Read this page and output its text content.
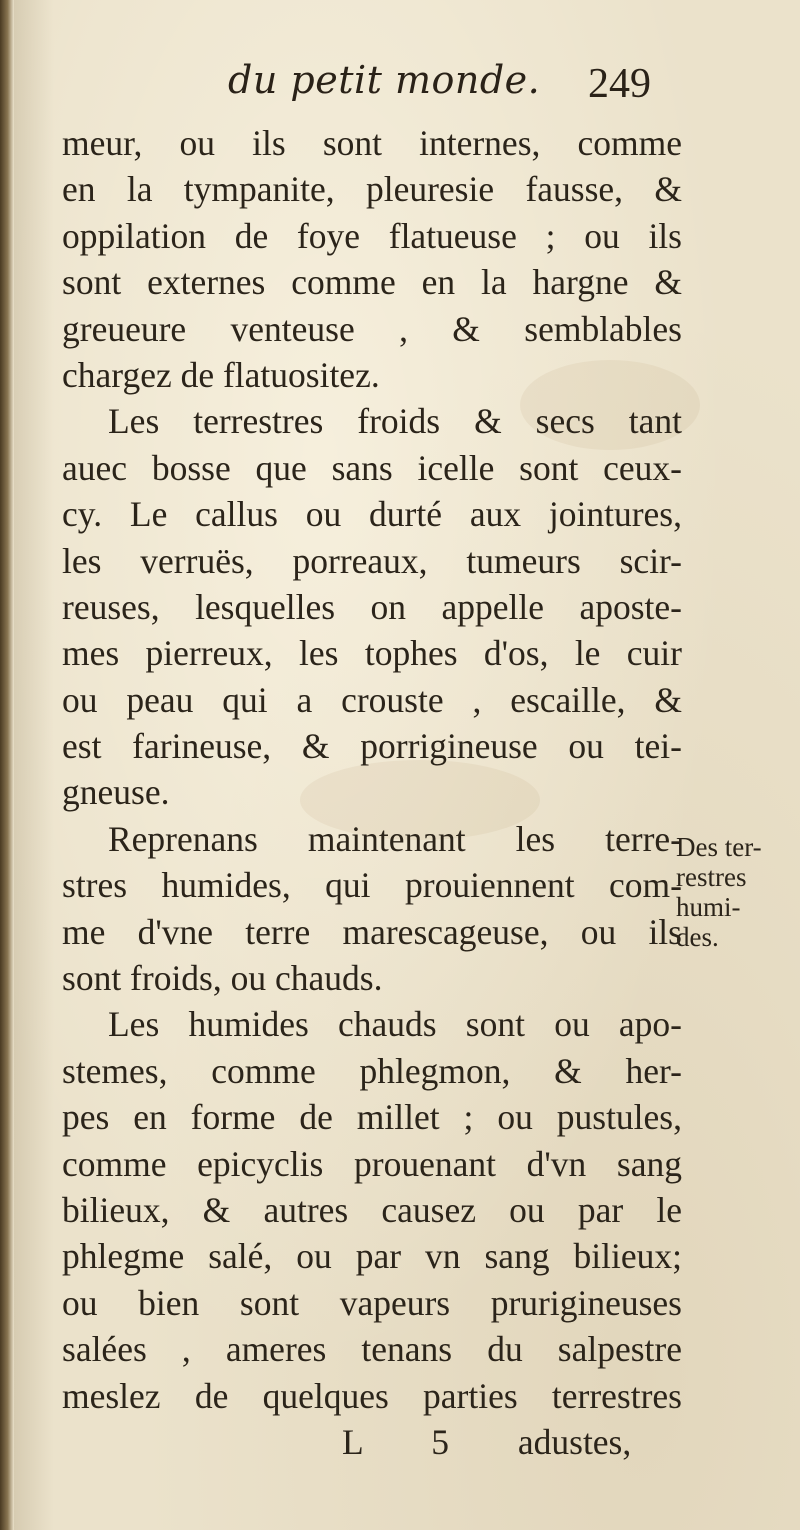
du petit monde. 249
meur, ou ils sont internes, comme
en la tympanite, pleuresie fausse, &
oppilation de foye flatueuse ; ou ils
sont externes comme en la hargne &
greueure venteuse , & semblables
chargez de flatuositez.
Les terrestres froids & secs tant
auec bosse que sans icelle sont ceux-
cy. Le callus ou durté aux jointures,
les verruës, porreaux, tumeurs scir-
reuses, lesquelles on appelle aposte-
mes pierreux, les tophes d'os, le cuir
ou peau qui a crouste , escaille, &
est farineuse, & porrigineuse ou tei-
gneuse.
Reprenans maintenant les terre-
stres humides, qui prouiennent com-
me d'vne terre marescageuse, ou ils
sont froids, ou chauds.
Les humides chauds sont ou apo-
stemes, comme phlegmon, & her-
pes en forme de millet ; ou pustules,
comme epicyclis prouenant d'vn sang
bilieux, & autres causez ou par le
phlegme salé, ou par vn sang bilieux;
ou bien sont vapeurs prurigineuses
salées , ameres tenans du salpestre
meslez de quelques parties terrestres
L 5 adustes,
Des ter-
restres
humi-
des.
